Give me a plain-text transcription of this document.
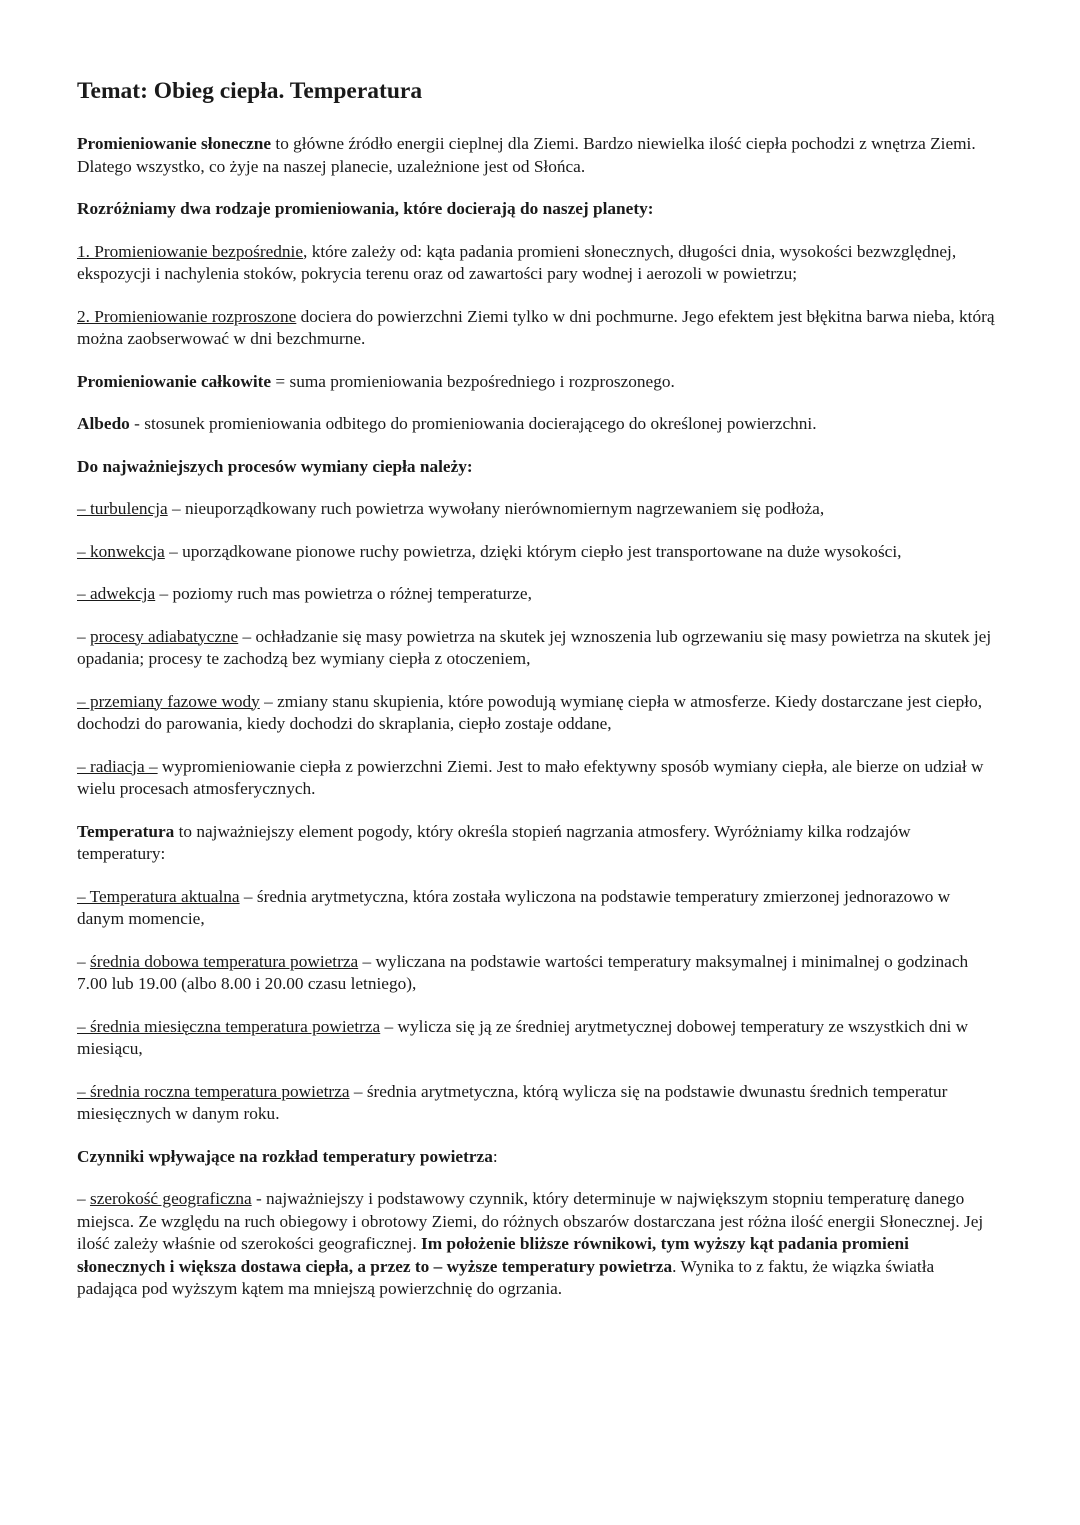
Temat: Obieg ciepła. Temperatura

Promieniowanie słoneczne to główne źródło energii cieplnej dla Ziemi. Bardzo niewielka ilość ciepła pochodzi z wnętrza Ziemi. Dlatego wszystko, co żyje na naszej planecie, uzależnione jest od Słońca.

Rozróżniamy dwa rodzaje promieniowania, które docierają do naszej planety:

1. Promieniowanie bezpośrednie, które zależy od: kąta padania promieni słonecznych, długości dnia, wysokości bezwzględnej, ekspozycji i nachylenia stoków, pokrycia terenu oraz od zawartości pary wodnej i aerozoli w powietrzu;

2. Promieniowanie rozproszone dociera do powierzchni Ziemi tylko w dni pochmurne. Jego efektem jest błękitna barwa nieba, którą można zaobserwować w dni bezchmurne.

Promieniowanie całkowite = suma promieniowania bezpośredniego i rozproszonego.

Albedo - stosunek promieniowania odbitego do promieniowania docierającego do określonej powierzchni.

Do najważniejszych procesów wymiany ciepła należy:

– turbulencja – nieuporządkowany ruch powietrza wywołany nierównomiernym nagrzewaniem się podłoża,

– konwekcja – uporządkowane pionowe ruchy powietrza, dzięki którym ciepło jest transportowane na duże wysokości,

– adwekcja – poziomy ruch mas powietrza o różnej temperaturze,

– procesy adiabatyczne – ochładzanie się masy powietrza na skutek jej wznoszenia lub ogrzewaniu się masy powietrza na skutek jej opadania; procesy te zachodzą bez wymiany ciepła z otoczeniem,

– przemiany fazowe wody – zmiany stanu skupienia, które powodują wymianę ciepła w atmosferze. Kiedy dostarczane jest ciepło, dochodzi do parowania, kiedy dochodzi do skraplania, ciepło zostaje oddane,

– radiacja – wypromieniowanie ciepła z powierzchni Ziemi. Jest to mało efektywny sposób wymiany ciepła, ale bierze on udział w wielu procesach atmosferycznych.

Temperatura to najważniejszy element pogody, który określa stopień nagrzania atmosfery. Wyróżniamy kilka rodzajów temperatury:

– Temperatura aktualna – średnia arytmetyczna, która została wyliczona na podstawie temperatury zmierzonej jednorazowo w danym momencie,

– średnia dobowa temperatura powietrza – wyliczana na podstawie wartości temperatury maksymalnej i minimalnej o godzinach 7.00 lub 19.00 (albo 8.00 i 20.00 czasu letniego),

– średnia miesięczna temperatura powietrza – wylicza się ją ze średniej arytmetycznej dobowej temperatury ze wszystkich dni w miesiącu,

– średnia roczna temperatura powietrza – średnia arytmetyczna, którą wylicza się na podstawie dwunastu średnich temperatur miesięcznych w danym roku.

Czynniki wpływające na rozkład temperatury powietrza:

– szerokość geograficzna - najważniejszy i podstawowy czynnik, który determinuje w największym stopniu temperaturę danego miejsca. Ze względu na ruch obiegowy i obrotowy Ziemi, do różnych obszarów dostarczana jest różna ilość energii Słonecznej. Jej ilość zależy właśnie od szerokości geograficznej. Im położenie bliższe równikowi, tym wyższy kąt padania promieni słonecznych i większa dostawa ciepła, a przez to – wyższe temperatury powietrza. Wynika to z faktu, że wiązka światła padająca pod wyższym kątem ma mniejszą powierzchnię do ogrzania.
